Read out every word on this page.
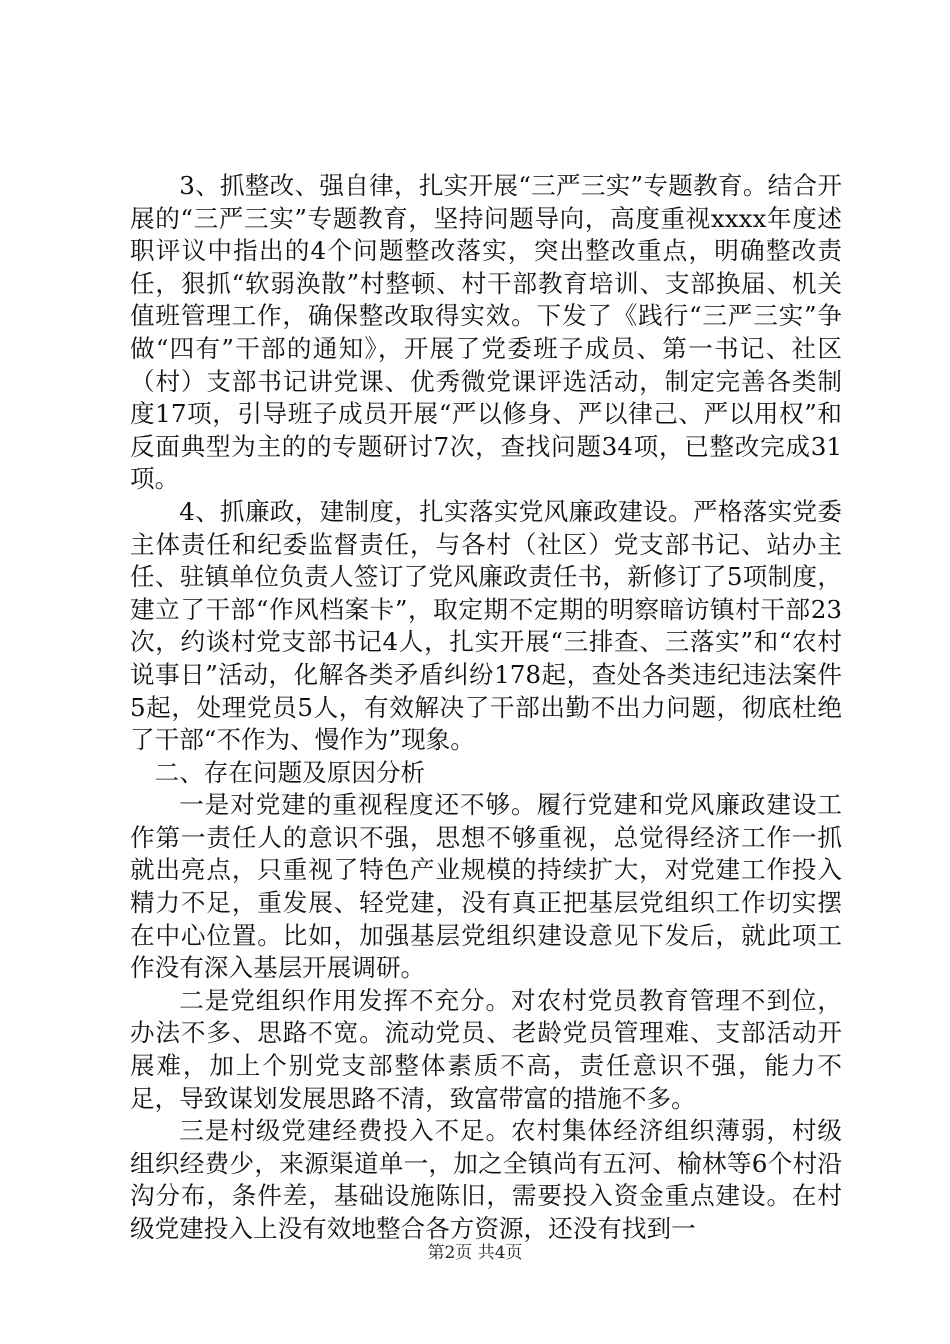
3、抓整改、强自律，扎实开展“三严三实”专题教育。结合开展的“三严三实”专题教育，坚持问题导向，高度重视xxxx年度述职评议中指出的4个问题整改落实，突出整改重点，明确整改责任，狠抓“软弱涣散”村整顿、村干部教育培训、支部换届、机关值班管理工作，确保整改取得实效。下发了《践行“三严三实”争做“四有”干部的通知》，开展了党委班子成员、第一书记、社区（村）支部书记讲党课、优秀微党课评选活动，制定完善各类制度17项，引导班子成员开展“严以修身、严以律己、严以用权”和反面典型为主的的专题研讨7次，查找问题34项，已整改完成31项。

4、抓廉政，建制度，扎实落实党风廉政建设。严格落实党委主体责任和纪委监督责任，与各村（社区）党支部书记、站办主任、驻镇单位负责人签订了党风廉政责任书，新修订了5项制度，建立了干部“作风档案卡”，取定期不定期的明察暗访镇村干部23次，约谈村党支部书记4人，扎实开展“三排查、三落实”和“农村说事日”活动，化解各类矛盾纠纷178起，查处各类违纪违法案件5起，处理党员5人，有效解决了干部出勤不出力问题，彻底杜绝了干部“不作为、慢作为”现象。

二、存在问题及原因分析

一是对党建的重视程度还不够。履行党建和党风廉政建设工作第一责任人的意识不强，思想不够重视，总觉得经济工作一抓就出亮点，只重视了特色产业规模的持续扩大，对党建工作投入精力不足，重发展、轻党建，没有真正把基层党组织工作切实摆在中心位置。比如，加强基层党组织建设意见下发后，就此项工作没有深入基层开展调研。

二是党组织作用发挥不充分。对农村党员教育管理不到位，办法不多、思路不宽。流动党员、老龄党员管理难、支部活动开展难，加上个别党支部整体素质不高，责任意识不强，能力不足，导致谋划发展思路不清，致富带富的措施不多。

三是村级党建经费投入不足。农村集体经济组织薄弱，村级组织经费少，来源渠道单一，加之全镇尚有五河、榆林等6个村沿沟分布，条件差，基础设施陈旧，需要投入资金重点建设。在村级党建投入上没有效地整合各方资源，还没有找到一

第2页 共4页
